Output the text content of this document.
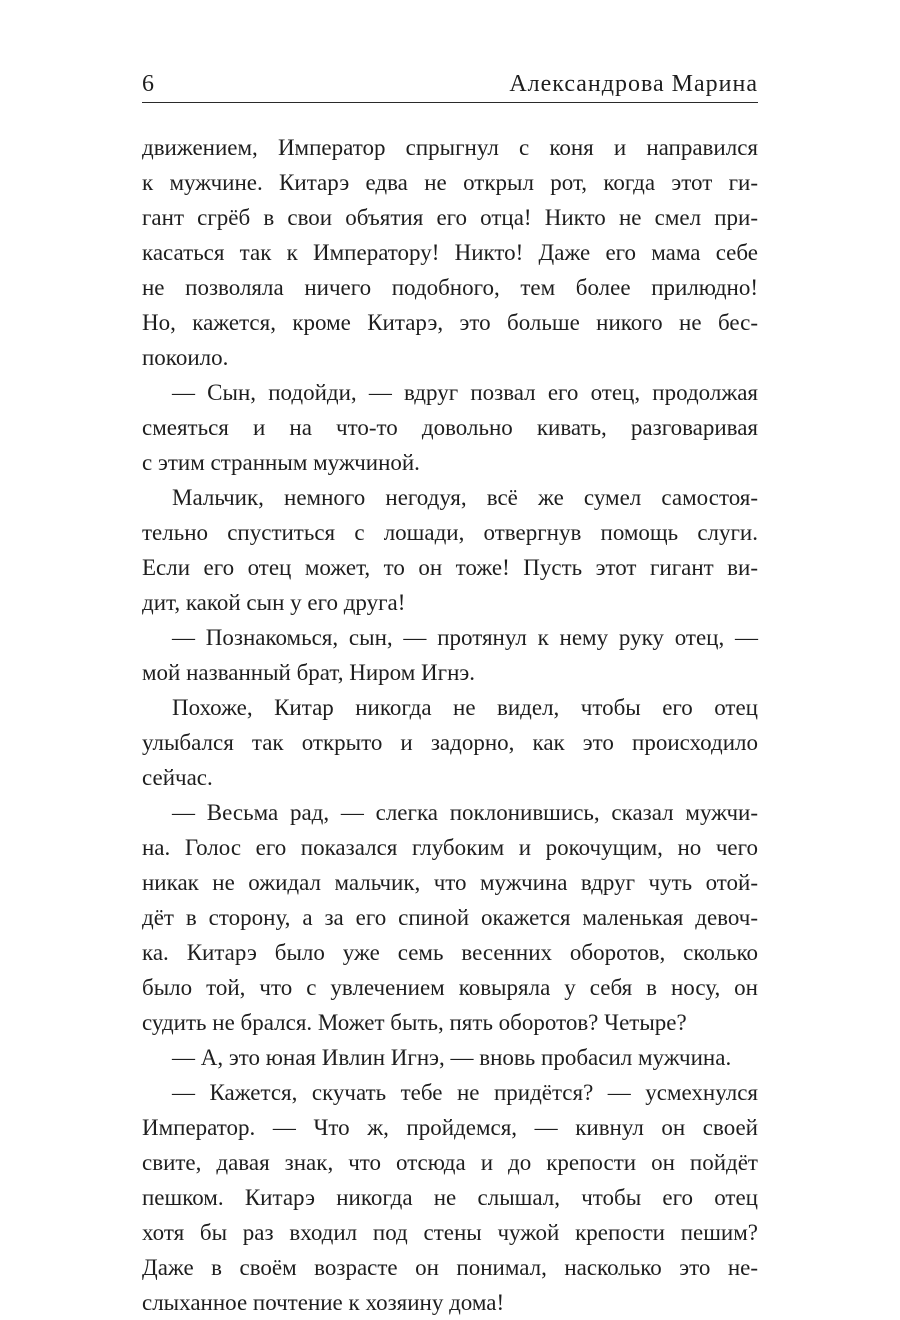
6	Александрова Марина
движением, Император спрыгнул с коня и направился
к мужчине. Китарэ едва не открыл рот, когда этот ги-
гант сгрёб в свои объятия его отца! Никто не смел при-
касаться так к Императору! Никто! Даже его мама себе
не позволяла ничего подобного, тем более прилюдно!
Но, кажется, кроме Китарэ, это больше никого не бес-
покоило.
— Сын, подойди, — вдруг позвал его отец, продолжая
смеяться и на что-то довольно кивать, разговаривая
с этим странным мужчиной.
Мальчик, немного негодуя, всё же сумел самостоя-
тельно спуститься с лошади, отвергнув помощь слуги.
Если его отец может, то он тоже! Пусть этот гигант ви-
дит, какой сын у его друга!
— Познакомься, сын, — протянул к нему руку отец, —
мой названный брат, Ниром Игнэ.
Похоже, Китар никогда не видел, чтобы его отец
улыбался так открыто и задорно, как это происходило
сейчас.
— Весьма рад, — слегка поклонившись, сказал мужчи-
на. Голос его показался глубоким и рокочущим, но чего
никак не ожидал мальчик, что мужчина вдруг чуть отой-
дёт в сторону, а за его спиной окажется маленькая девоч-
ка. Китарэ было уже семь весенних оборотов, сколько
было той, что с увлечением ковыряла у себя в носу, он
судить не брался. Может быть, пять оборотов? Четыре?
— А, это юная Ивлин Игнэ, — вновь пробасил мужчина.
— Кажется, скучать тебе не придётся? — усмехнулся
Император. — Что ж, пройдемся, — кивнул он своей
свите, давая знак, что отсюда и до крепости он пойдёт
пешком. Китарэ никогда не слышал, чтобы его отец
хотя бы раз входил под стены чужой крепости пешим?
Даже в своём возрасте он понимал, насколько это не-
слыханное почтение к хозяину дома!
